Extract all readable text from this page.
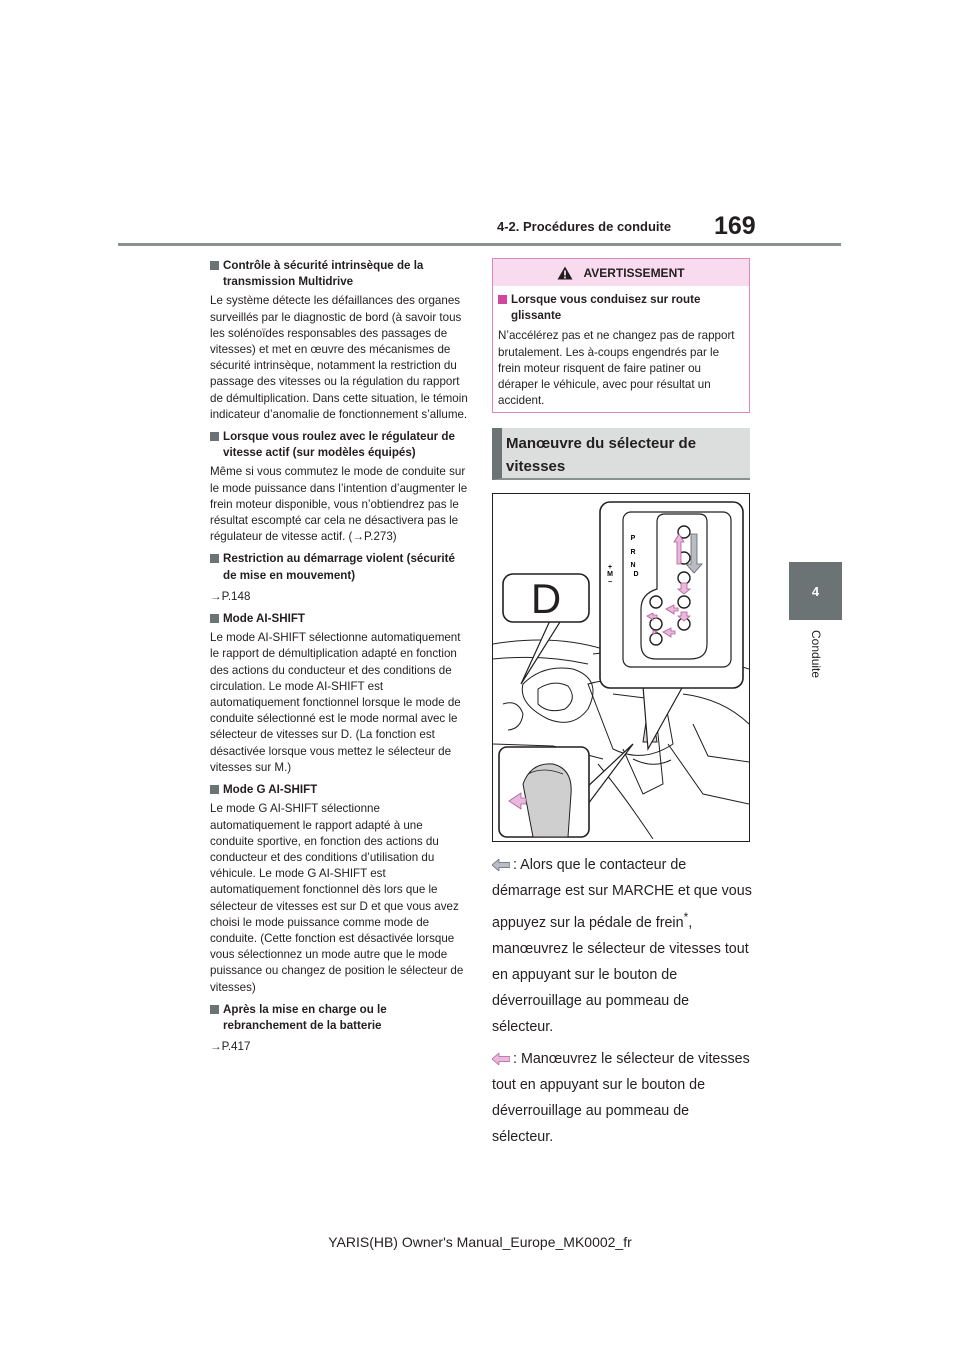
4-2. Procédures de conduite 169
4
Conduite
Contrôle à sécurité intrinsèque de la transmission Multidrive
Le système détecte les défaillances des organes surveillés par le diagnostic de bord (à savoir tous les solénoïdes responsables des passages de vitesses) et met en œuvre des mécanismes de sécurité intrinsèque, notamment la restriction du passage des vitesses ou la régulation du rapport de démultiplication. Dans cette situation, le témoin indicateur d’anomalie de fonctionnement s’allume.
Lorsque vous roulez avec le régulateur de vitesse actif (sur modèles équipés)
Même si vous commutez le mode de conduite sur le mode puissance dans l’intention d’augmenter le frein moteur disponible, vous n’obtiendrez pas le résultat escompté car cela ne désactivera pas le régulateur de vitesse actif. (→P.273)
Restriction au démarrage violent (sécurité de mise en mouvement)
→P.148
Mode AI-SHIFT
Le mode AI-SHIFT sélectionne automatiquement le rapport de démultiplication adapté en fonction des actions du conducteur et des conditions de circulation. Le mode AI-SHIFT est automatiquement fonctionnel lorsque le mode de conduite sélectionné est le mode normal avec le sélecteur de vitesses sur D. (La fonction est désactivée lorsque vous mettez le sélecteur de vitesses sur M.)
Mode G AI-SHIFT
Le mode G AI-SHIFT sélectionne automatiquement le rapport adapté à une conduite sportive, en fonction des actions du conducteur et des conditions d’utilisation du véhicule. Le mode G AI-SHIFT est automatiquement fonctionnel dès lors que le sélecteur de vitesses est sur D et que vous avez choisi le mode puissance comme mode de conduite. (Cette fonction est désactivée lorsque vous sélectionnez un mode autre que le mode puissance ou changez de position le sélecteur de vitesses)
Après la mise en charge ou le rebranchement de la batterie
→P.417
AVERTISSEMENT
Lorsque vous conduisez sur route glissante
N’accélérez pas et ne changez pas de rapport brutalement. Les à-coups engendrés par le frein moteur risquent de faire patiner ou déraper le véhicule, avec pour résultat un accident.
Manœuvre du sélecteur de vitesses
D
P
R
N
D
+
M
−
: Alors que le contacteur de démarrage est sur MARCHE et que vous appuyez sur la pédale de frein*, manœuvrez le sélecteur de vitesses tout en appuyant sur le bouton de déverrouillage au pommeau de sélecteur.
: Manœuvrez le sélecteur de vitesses tout en appuyant sur le bouton de déverrouillage au pommeau de sélecteur.
YARIS(HB) Owner's Manual_Europe_MK0002_fr
